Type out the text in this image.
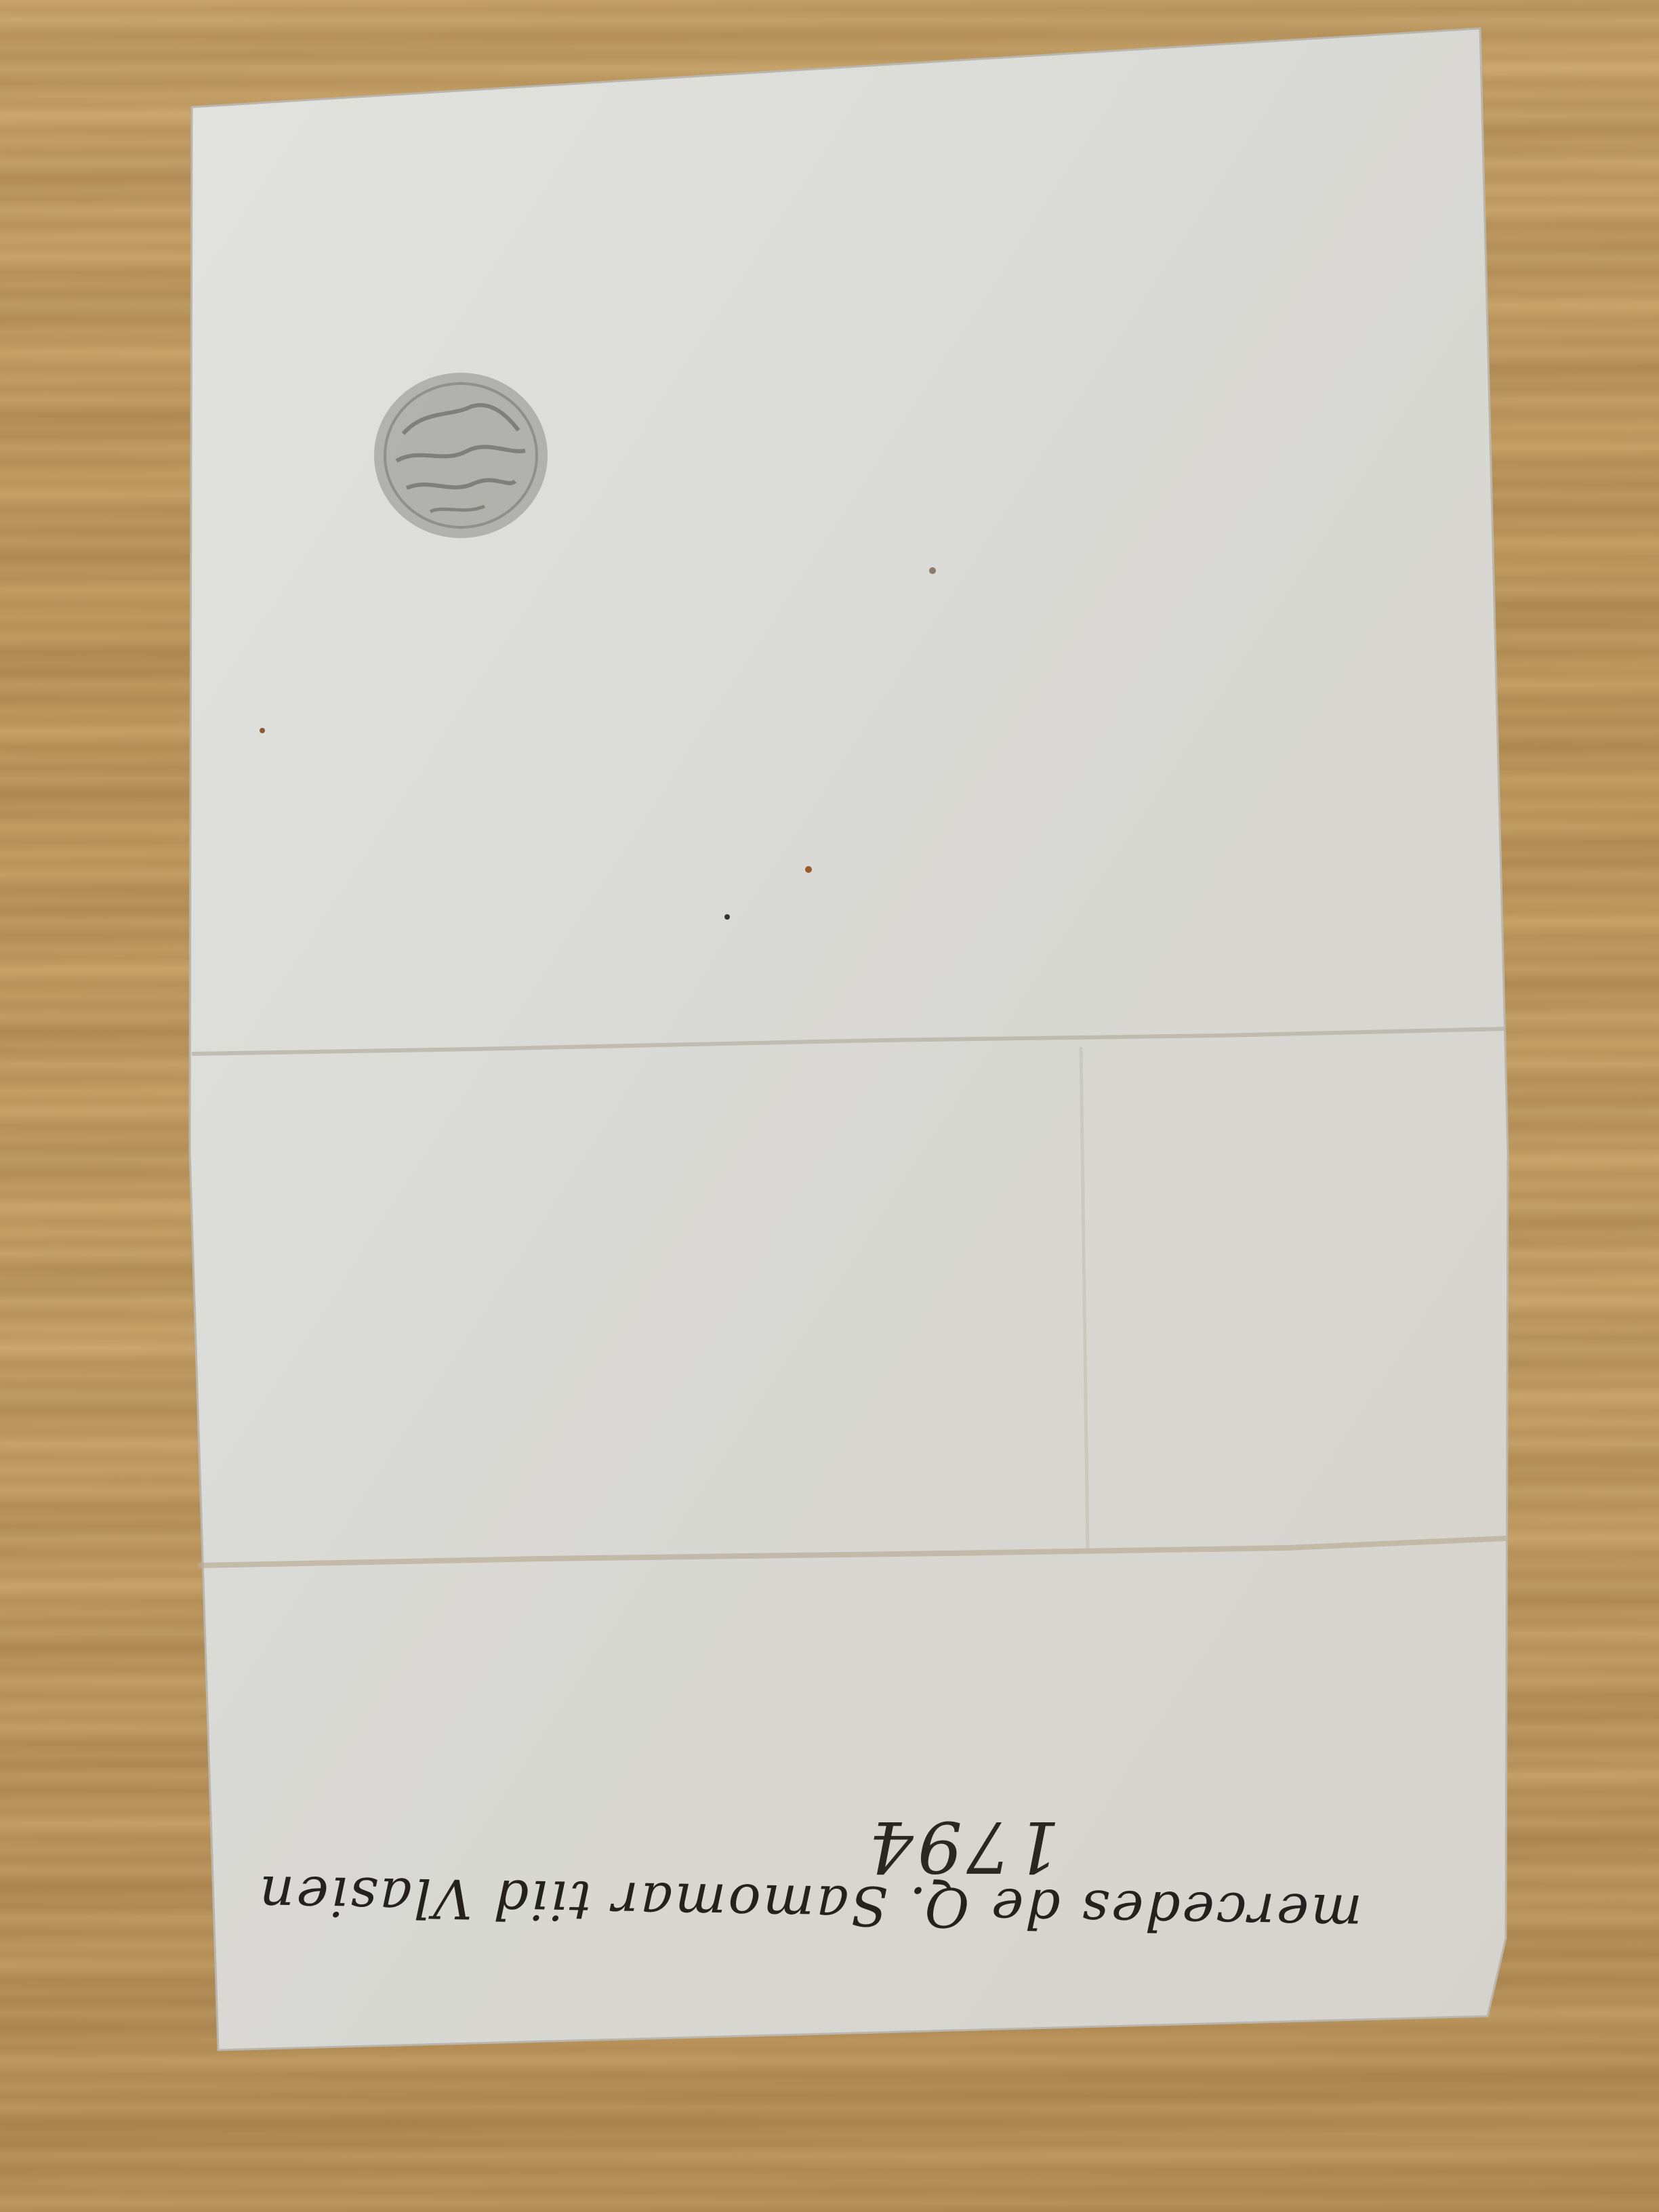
1794
mercedes de Q. Samomar tiid Vlasien
